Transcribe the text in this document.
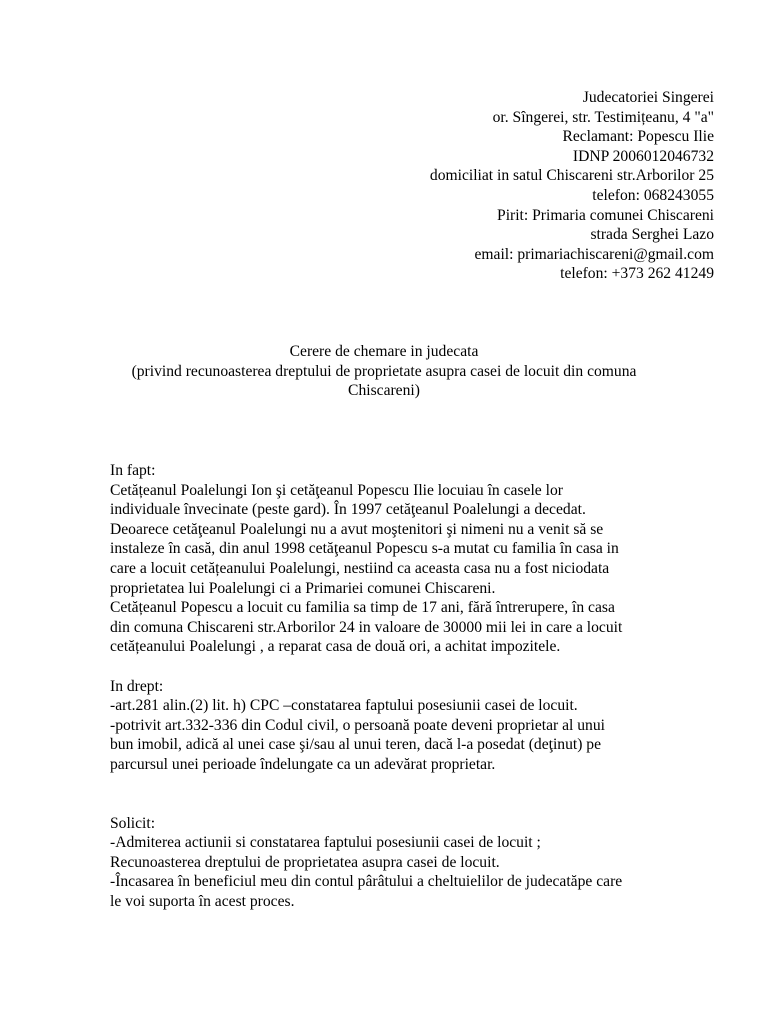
Judecatoriei Singerei
or. Sîngerei, str. Testimițeanu, 4 "a"
Reclamant: Popescu Ilie
IDNP 2006012046732
domiciliat in satul Chiscareni str.Arborilor 25
telefon: 068243055
Pirit: Primaria comunei Chiscareni
strada Serghei Lazo
email: primariachiscareni@gmail.com
telefon: +373 262 41249
Cerere de chemare in judecata
(privind recunoasterea dreptului de proprietate asupra casei de locuit din comuna
Chiscareni)
In fapt:
Cetățeanul Poalelungi Ion şi cetăţeanul Popescu Ilie locuiau în casele lor
individuale învecinate (peste gard). În 1997 cetăţeanul Poalelungi a decedat.
Deoarece cetăţeanul Poalelungi nu a avut moştenitori şi nimeni nu a venit să se
instaleze în casă, din anul 1998 cetăţeanul Popescu s-a mutat cu familia în casa in
care a locuit cetățeanului Poalelungi, nestiind ca aceasta casa nu a fost niciodata
proprietatea lui Poalelungi ci a Primariei comunei Chiscareni.
Cetățeanul Popescu a locuit cu familia sa timp de 17 ani, fără întrerupere, în casa
din comuna Chiscareni str.Arborilor 24 in valoare de 30000 mii lei in care a locuit
cetățeanului Poalelungi , a reparat casa de două ori, a achitat impozitele.
In drept:
-art.281 alin.(2) lit. h) CPC –constatarea faptului posesiunii casei de locuit.
-potrivit art.332-336 din Codul civil, o persoană poate deveni proprietar al unui
bun imobil, adică al unei case şi/sau al unui teren, dacă l-a posedat (deţinut) pe
parcursul unei perioade îndelungate ca un adevărat proprietar.
Solicit:
-Admiterea actiunii si constatarea faptului posesiunii casei de locuit ;
Recunoasterea dreptului de proprietatea asupra casei de locuit.
-Încasarea în beneficiul meu din contul pârâtului a cheltuielilor de judecatăpe care
le voi suporta în acest proces.
